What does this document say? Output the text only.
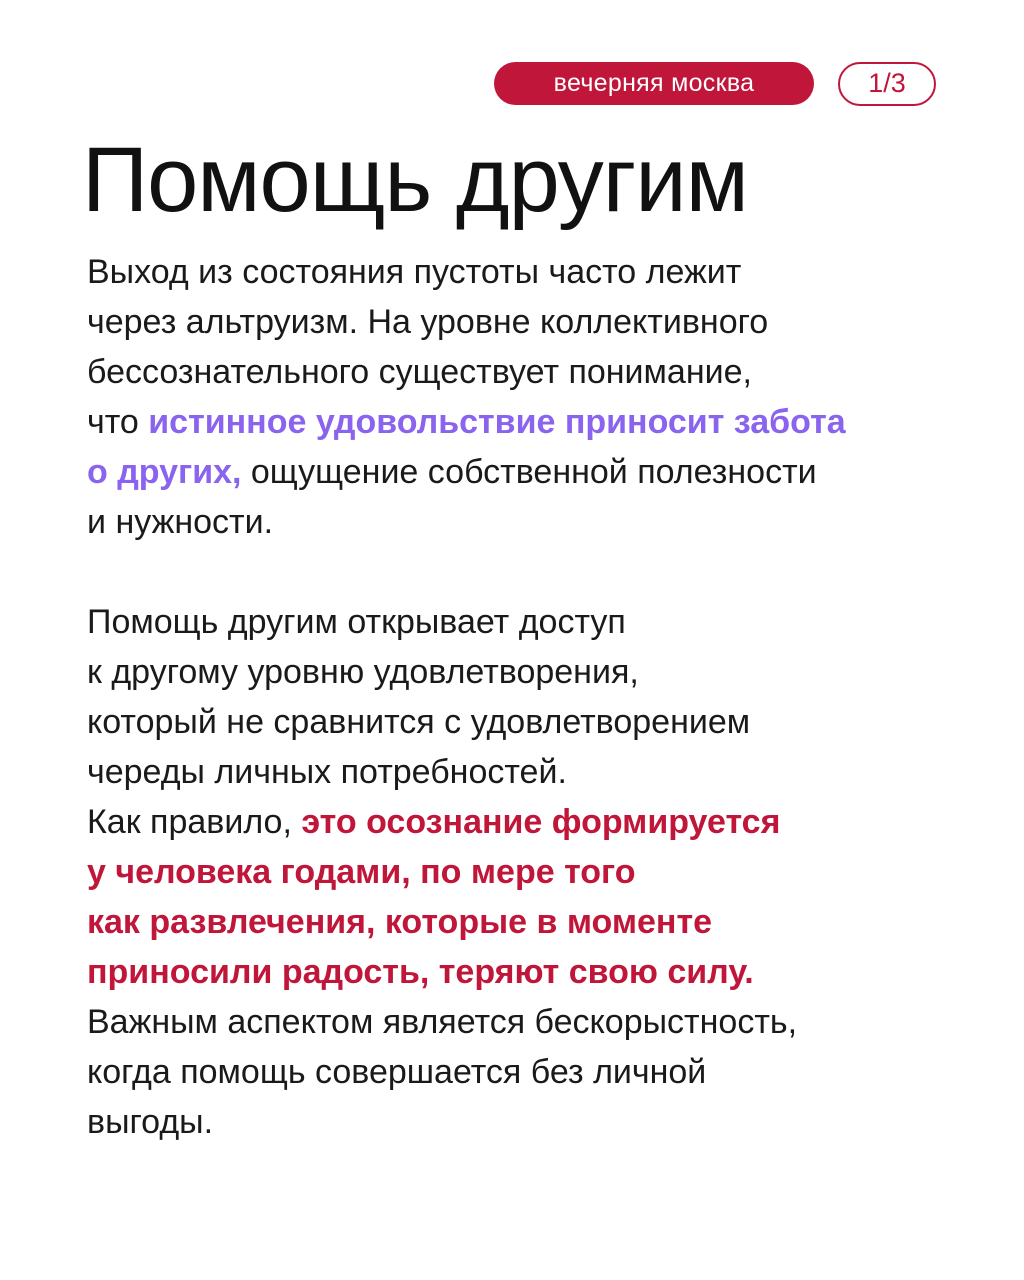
вечерняя москва	1/3
Помощь другим

Выход из состояния пустоты часто лежит
через альтруизм. На уровне коллективного
бессознательного существует понимание,
что истинное удовольствие приносит забота
о других, ощущение собственной полезности
и нужности.

Помощь другим открывает доступ
к другому уровню удовлетворения,
который не сравнится с удовлетворением
череды личных потребностей.
Как правило, это осознание формируется
у человека годами, по мере того
как развлечения, которые в моменте
приносили радость, теряют свою силу.
Важным аспектом является бескорыстность,
когда помощь совершается без личной
выгоды.
